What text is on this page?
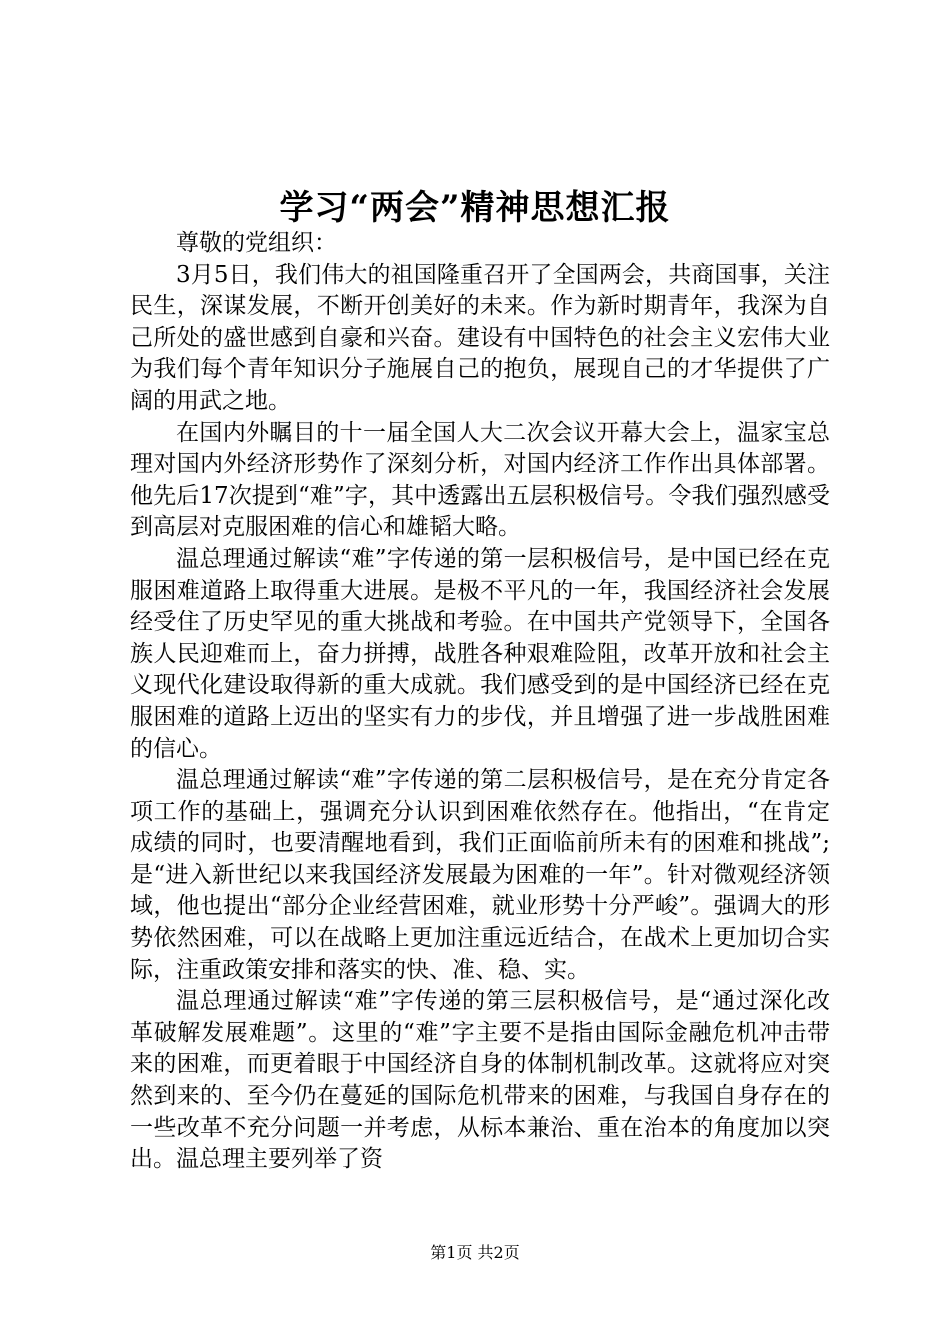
学习“两会”精神思想汇报

尊敬的党组织：

3月5日，我们伟大的祖国隆重召开了全国两会，共商国事，关注民生，深谋发展，不断开创美好的未来。作为新时期青年，我深为自己所处的盛世感到自豪和兴奋。建设有中国特色的社会主义宏伟大业为我们每个青年知识分子施展自己的抱负，展现自己的才华提供了广阔的用武之地。

在国内外瞩目的十一届全国人大二次会议开幕大会上，温家宝总理对国内外经济形势作了深刻分析，对国内经济工作作出具体部署。他先后17次提到“难”字，其中透露出五层积极信号。令我们强烈感受到高层对克服困难的信心和雄韬大略。

温总理通过解读“难”字传递的第一层积极信号，是中国已经在克服困难道路上取得重大进展。是极不平凡的一年，我国经济社会发展经受住了历史罕见的重大挑战和考验。在中国共产党领导下，全国各族人民迎难而上，奋力拼搏，战胜各种艰难险阻，改革开放和社会主义现代化建设取得新的重大成就。我们感受到的是中国经济已经在克服困难的道路上迈出的坚实有力的步伐，并且增强了进一步战胜困难的信心。

温总理通过解读“难”字传递的第二层积极信号，是在充分肯定各项工作的基础上，强调充分认识到困难依然存在。他指出，“在肯定成绩的同时，也要清醒地看到，我们正面临前所未有的困难和挑战”;是“进入新世纪以来我国经济发展最为困难的一年”。针对微观经济领域，他也提出“部分企业经营困难，就业形势十分严峻”。强调大的形势依然困难，可以在战略上更加注重远近结合，在战术上更加切合实际，注重政策安排和落实的快、准、稳、实。

温总理通过解读“难”字传递的第三层积极信号，是“通过深化改革破解发展难题”。这里的“难”字主要不是指由国际金融危机冲击带来的困难，而更着眼于中国经济自身的体制机制改革。这就将应对突然到来的、至今仍在蔓延的国际危机带来的困难，与我国自身存在的一些改革不充分问题一并考虑，从标本兼治、重在治本的角度加以突出。温总理主要列举了资

第1页 共2页
